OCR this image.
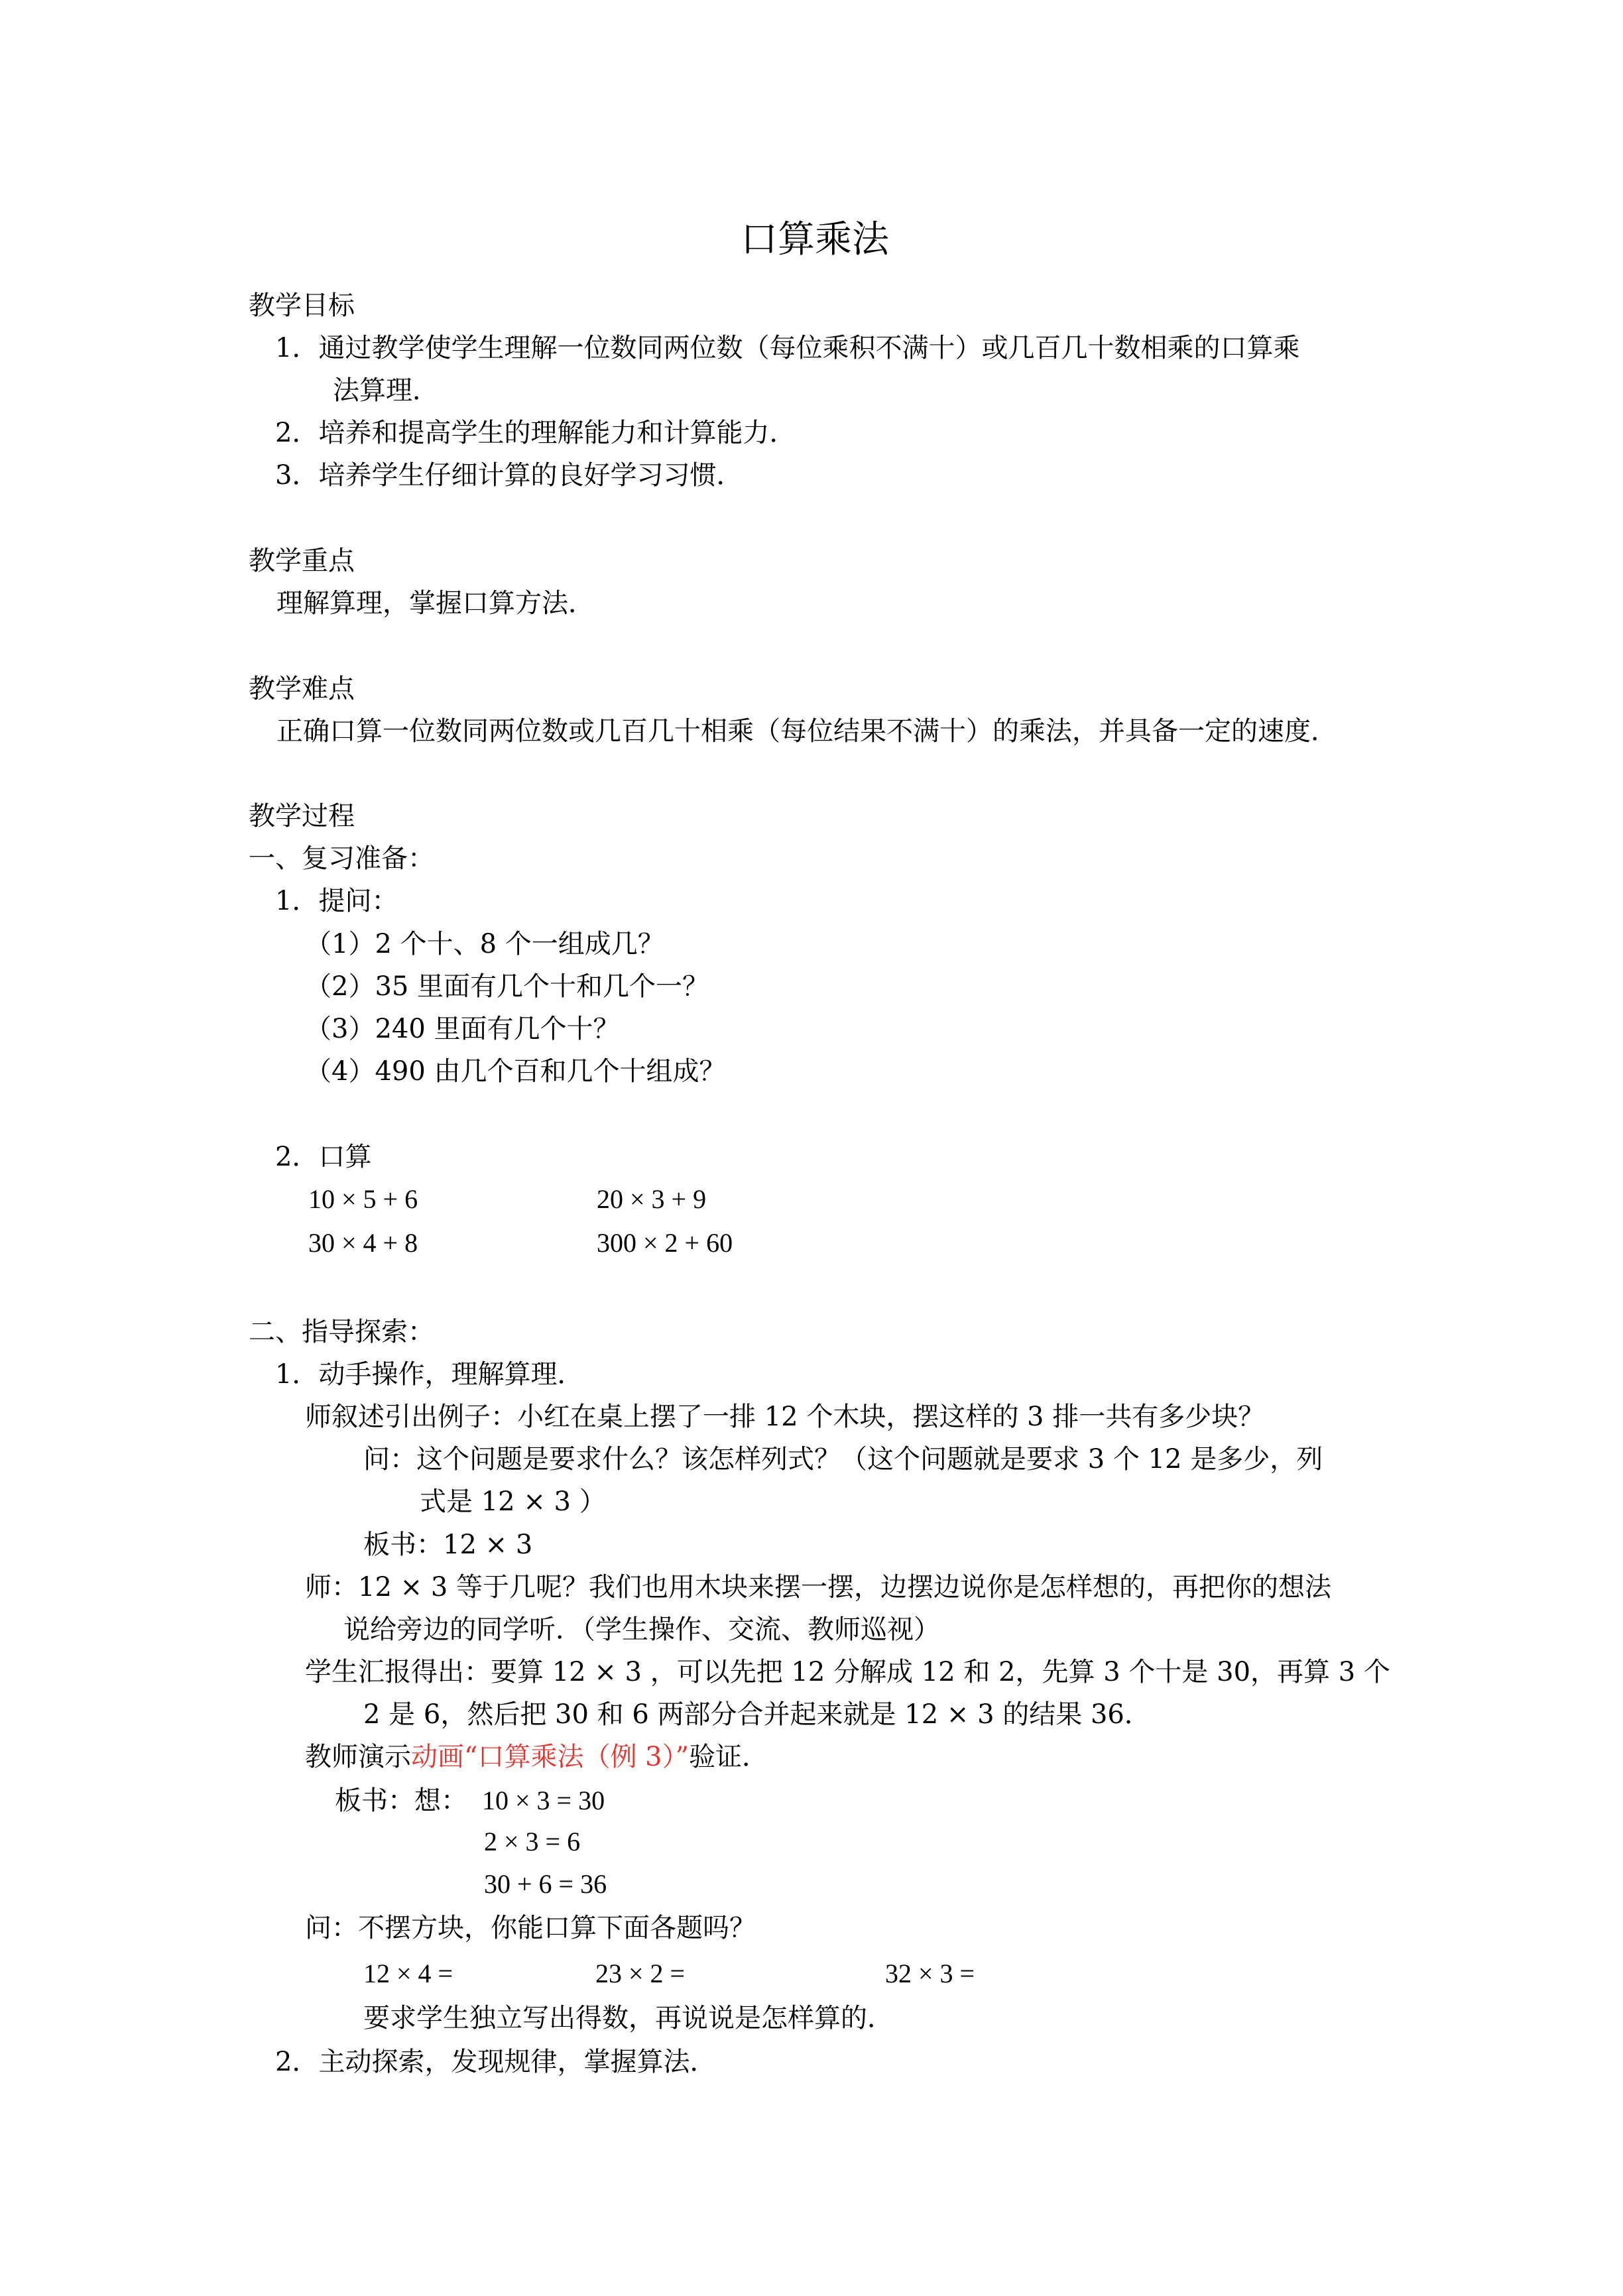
口算乘法
教学目标
1．通过教学使学生理解一位数同两位数（每位乘积不满十）或几百几十数相乘的口算乘
法算理．
2．培养和提高学生的理解能力和计算能力．
3．培养学生仔细计算的良好学习习惯．
教学重点
理解算理，掌握口算方法．
教学难点
正确口算一位数同两位数或几百几十相乘（每位结果不满十）的乘法，并具备一定的速度．
教学过程
一、复习准备：
1．提问：
（1）2 个十、8 个一组成几？
（2）35 里面有几个十和几个一？
（3）240 里面有几个十？
（4）490 由几个百和几个十组成？
2．口算
10 × 5 + 6	20 × 3 + 9
30 × 4 + 8	300 × 2 + 60
二、指导探索：
1．动手操作，理解算理．
师叙述引出例子：小红在桌上摆了一排 12 个木块，摆这样的 3 排一共有多少块？
问：这个问题是要求什么？该怎样列式？（这个问题就是要求 3 个 12 是多少，列
式是 12 × 3 ）
板书：12 × 3
师：12 × 3 等于几呢？我们也用木块来摆一摆，边摆边说你是怎样想的，再把你的想法
说给旁边的同学听．（学生操作、交流、教师巡视）
学生汇报得出：要算 12 × 3 ，可以先把 12 分解成 12 和 2，先算 3 个十是 30，再算 3 个
2 是 6，然后把 30 和 6 两部分合并起来就是 12 × 3 的结果 36．
教师演示动画“口算乘法（例 3）”验证．
板书：想： 10 × 3 = 30
2 × 3 = 6
30 + 6 = 36
问：不摆方块，你能口算下面各题吗？
12 × 4 =	23 × 2 =	32 × 3 =
要求学生独立写出得数，再说说是怎样算的．
2．主动探索，发现规律，掌握算法．
